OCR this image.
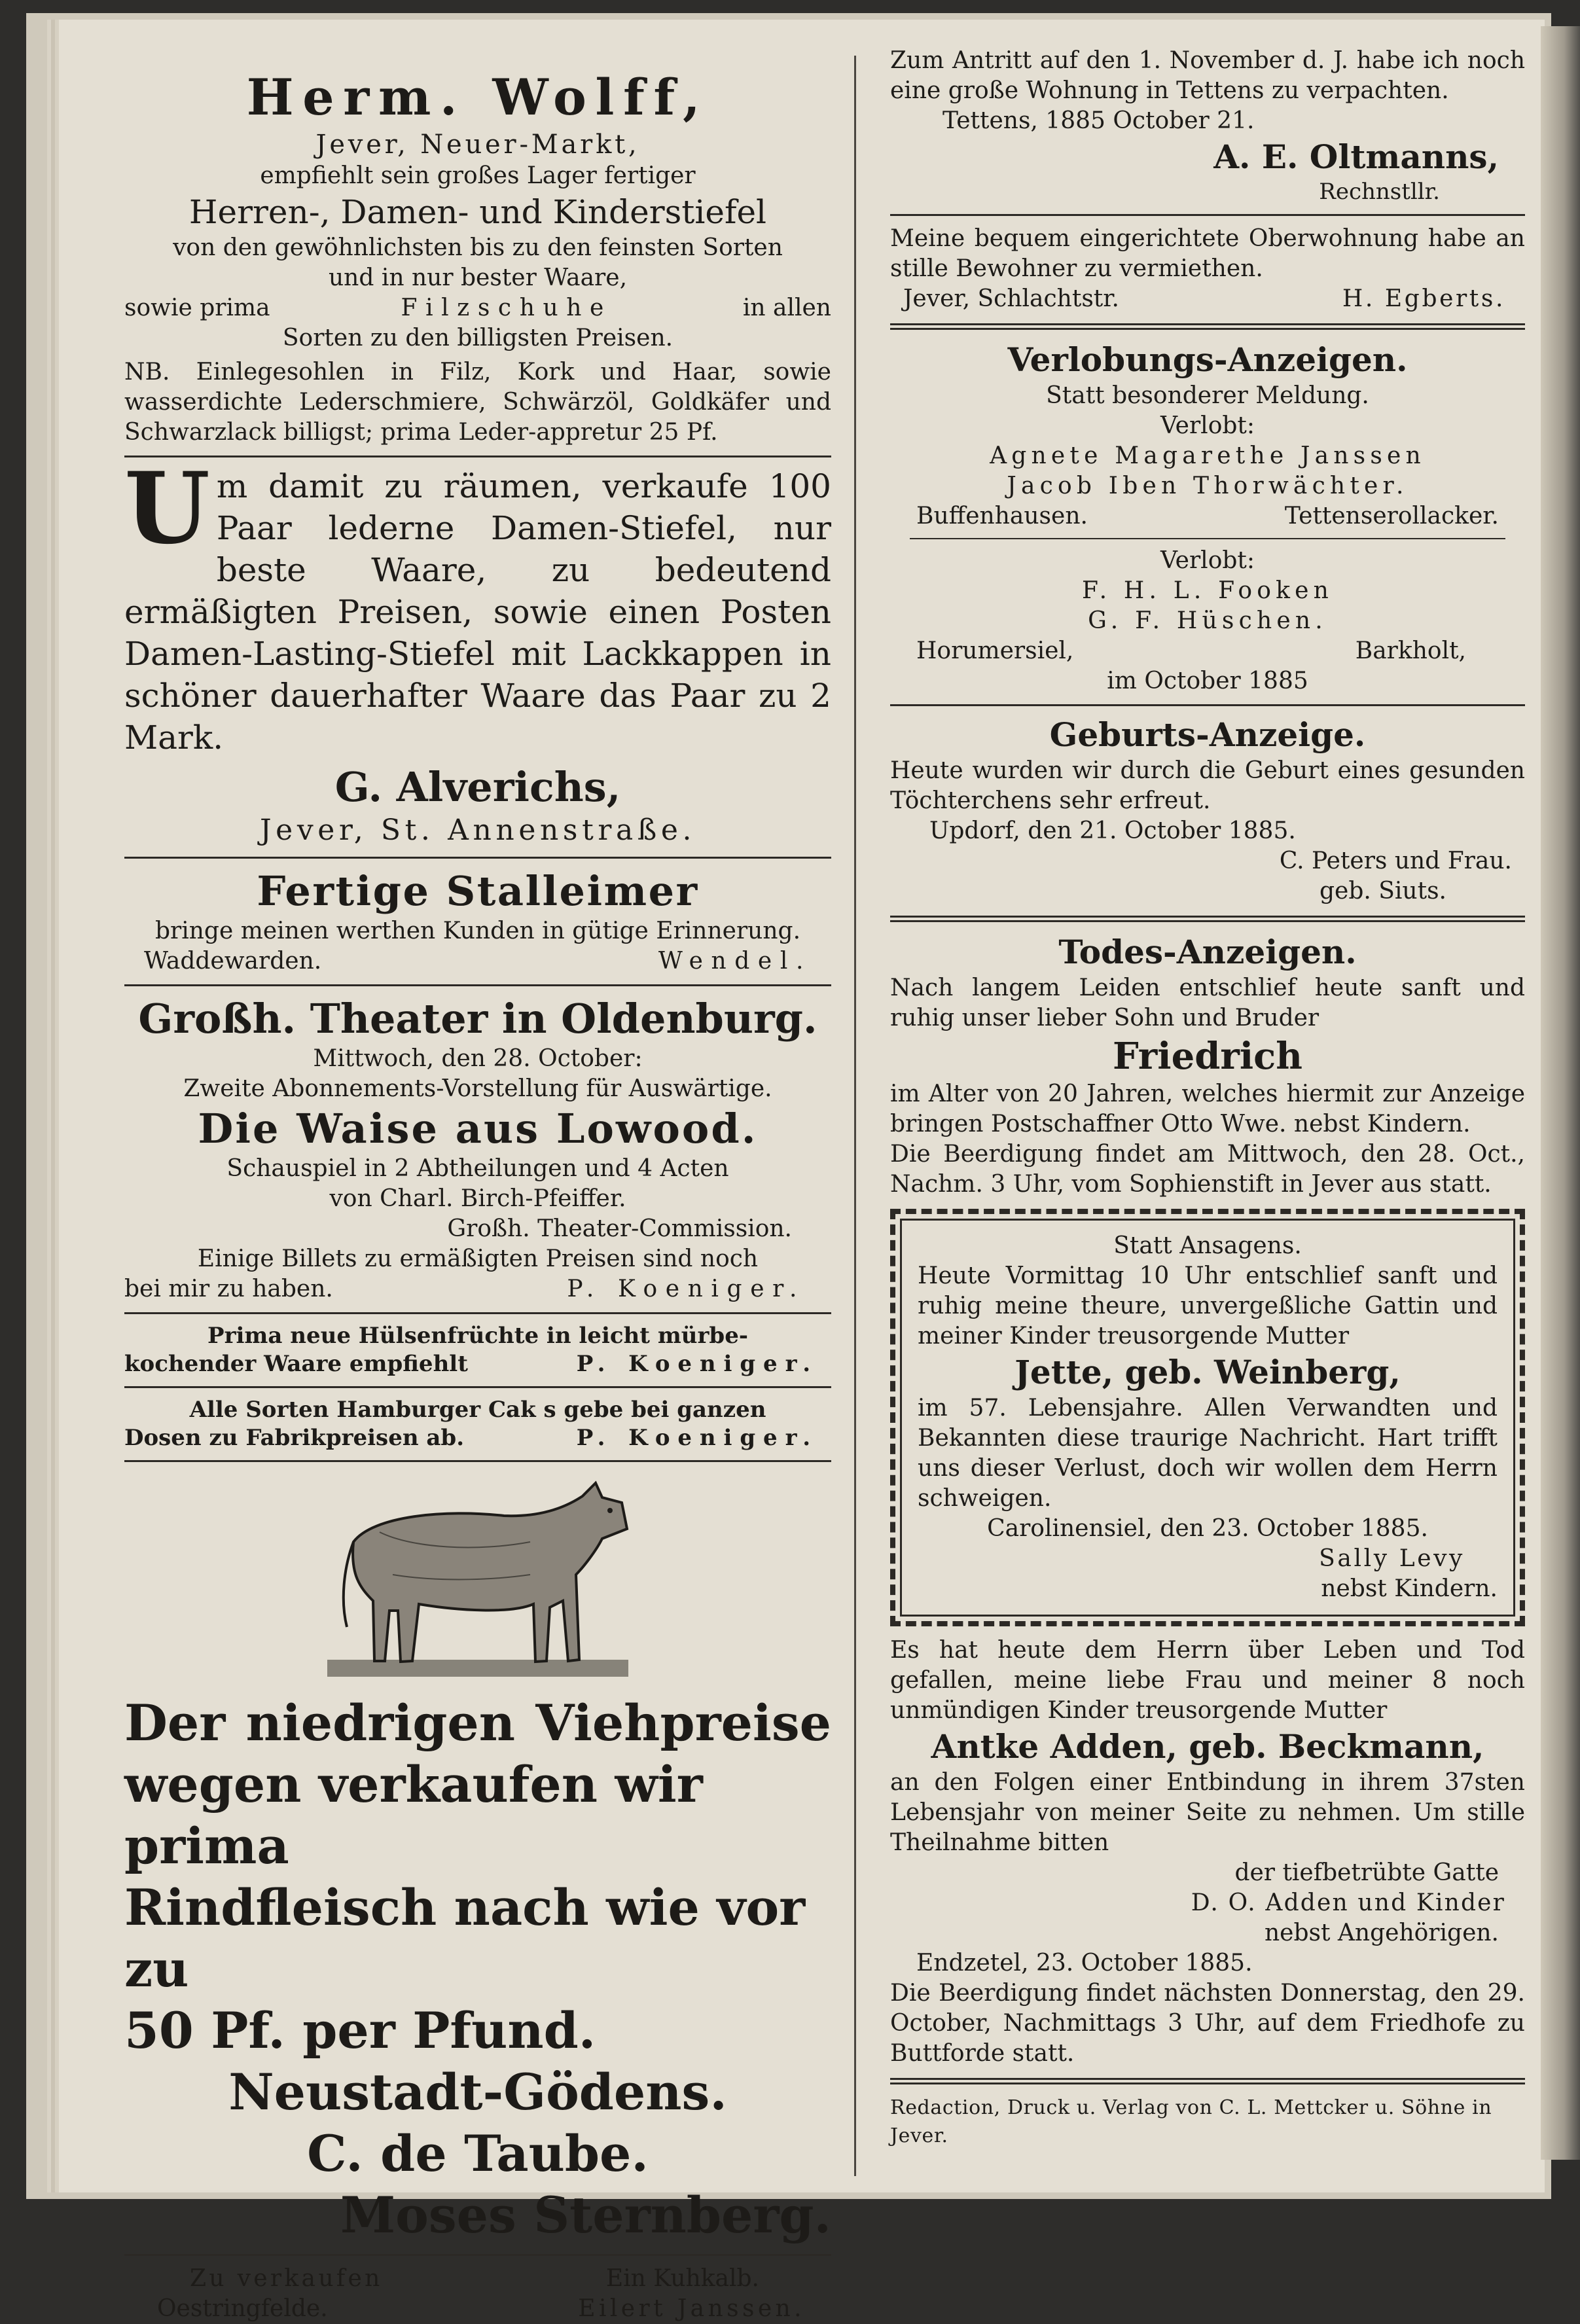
Herm. Wolff,

Jever, Neuer-Markt,

empfiehlt sein großes Lager fertiger

Herren-, Damen- und Kinderstiefel

von den gewöhnlichsten bis zu den feinsten Sorten

und in nur bester Waare,

sowie prima	Filzschuhe	in allen

Sorten zu den billigsten Preisen.

NB. Einlegesohlen in Filz, Kork und Haar, sowie wasserdichte Lederschmiere, Schwärzöl, Goldkäfer und Schwarzlack billigst; prima Leder-appretur 25 Pf.

Um damit zu räumen, verkaufe 100 Paar lederne Damen-Stiefel, nur beste Waare, zu bedeutend ermäßigten Preisen, sowie einen Posten Damen-Lasting-Stiefel mit Lackkappen in schöner dauerhafter Waare das Paar zu 2 Mark.

G. Alverichs,

Jever, St. Annenstraße.

Fertige Stalleimer

bringe meinen werthen Kunden in gütige Erinnerung.

Waddewarden.	Wendel.

Großh. Theater in Oldenburg.

Mittwoch, den 28. October:

Zweite Abonnements-Vorstellung für Auswärtige.

Die Waise aus Lowood.

Schauspiel in 2 Abtheilungen und 4 Acten

von Charl. Birch-Pfeiffer.

Großh. Theater-Commission.

Einige Billets zu ermäßigten Preisen sind noch

bei mir zu haben.	P. Koeniger.

Prima neue Hülsenfrüchte in leicht mürbe-

kochender Waare empfiehlt	P. Koeniger.

Alle Sorten Hamburger Cak s gebe bei ganzen

Dosen zu Fabrikpreisen ab.	P. Koeniger.

Der niedrigen Viehpreise

wegen verkaufen wir prima

Rindfleisch nach wie vor zu

50 Pf. per Pfund.

Neustadt-Gödens.

C. de Taube.

Moses Sternberg.

Zu verkaufen	Ein Kuhkalb.
Oestringfelde.	Eilert Janssen.

Zum Antritt auf den 1. November d. J. habe ich noch eine große Wohnung in Tettens zu verpachten.

Tettens, 1885 October 21.

A. E. Oltmanns,

Rechnstllr.

Meine bequem eingerichtete Oberwohnung habe an stille Bewohner zu vermiethen.

Jever, Schlachtstr.	H. Egberts.

Verlobungs-Anzeigen.

Statt besonderer Meldung.

Verlobt:

Agnete Magarethe Janssen

Jacob Iben Thorwächter.

Buffenhausen.	Tettenserollacker.

Verlobt:

F. H. L. Fooken

G. F. Hüschen.

Horumersiel,	Barkholt,

im October 1885

Geburts-Anzeige.

Heute wurden wir durch die Geburt eines gesunden Töchterchens sehr erfreut.

Updorf, den 21. October 1885.

C. Peters und Frau.

geb. Siuts.

Todes-Anzeigen.

Nach langem Leiden entschlief heute sanft und ruhig unser lieber Sohn und Bruder

Friedrich

im Alter von 20 Jahren, welches hiermit zur Anzeige bringen Postschaffner Otto Wwe. nebst Kindern.

Die Beerdigung findet am Mittwoch, den 28. Oct., Nachm. 3 Uhr, vom Sophienstift in Jever aus statt.

Statt Ansagens.

Heute Vormittag 10 Uhr entschlief sanft und ruhig meine theure, unvergeßliche Gattin und meiner Kinder treusorgende Mutter

Jette, geb. Weinberg,

im 57. Lebensjahre. Allen Verwandten und Bekannten diese traurige Nachricht. Hart trifft uns dieser Verlust, doch wir wollen dem Herrn schweigen.

Carolinensiel, den 23. October 1885.

Sally Levy

nebst Kindern.

Es hat heute dem Herrn über Leben und Tod gefallen, meine liebe Frau und meiner 8 noch unmündigen Kinder treusorgende Mutter

Antke Adden, geb. Beckmann,

an den Folgen einer Entbindung in ihrem 37sten Lebensjahr von meiner Seite zu nehmen. Um stille Theilnahme bitten

der tiefbetrübte Gatte

D. O. Adden und Kinder

nebst Angehörigen.

Endzetel, 23. October 1885.

Die Beerdigung findet nächsten Donnerstag, den 29. October, Nachmittags 3 Uhr, auf dem Friedhofe zu Buttforde statt.

Redaction, Druck u. Verlag von C. L. Mettcker u. Söhne in Jever.
